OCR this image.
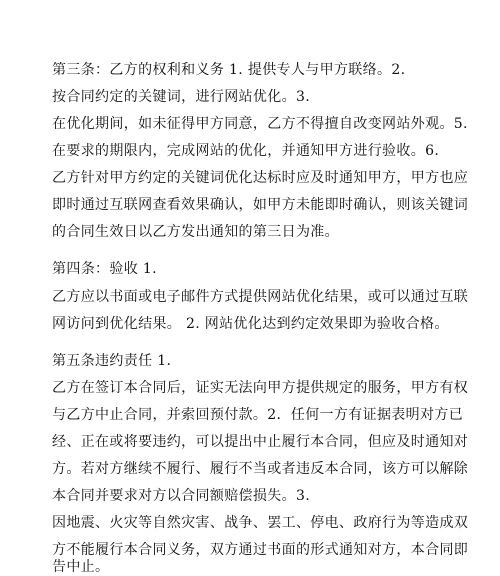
第三条：乙方的权利和义务 1. 提供专人与甲方联络。2.
按合同约定的关键词，进行网站优化。3.
在优化期间，如未征得甲方同意，乙方不得擅自改变网站外观。5.
在要求的期限内，完成网站的优化，并通知甲方进行验收。6.
乙方针对甲方约定的关键词优化达标时应及时通知甲方，甲方也应
即时通过互联网查看效果确认，如甲方未能即时确认，则该关键词
的合同生效日以乙方发出通知的第三日为准。
第四条：验收 1.
乙方应以书面或电子邮件方式提供网站优化结果，或可以通过互联
网访问到优化结果。 2. 网站优化达到约定效果即为验收合格。
第五条违约责任 1.
乙方在签订本合同后，证实无法向甲方提供规定的服务，甲方有权
与乙方中止合同，并索回预付款。2．任何一方有证据表明对方已
经、正在或将要违约，可以提出中止履行本合同，但应及时通知对
方。若对方继续不履行、履行不当或者违反本合同，该方可以解除
本合同并要求对方以合同额赔偿损失。3.
因地震、火灾等自然灾害、战争、罢工、停电、政府行为等造成双
方不能履行本合同义务，双方通过书面的形式通知对方，本合同即
告中止。
